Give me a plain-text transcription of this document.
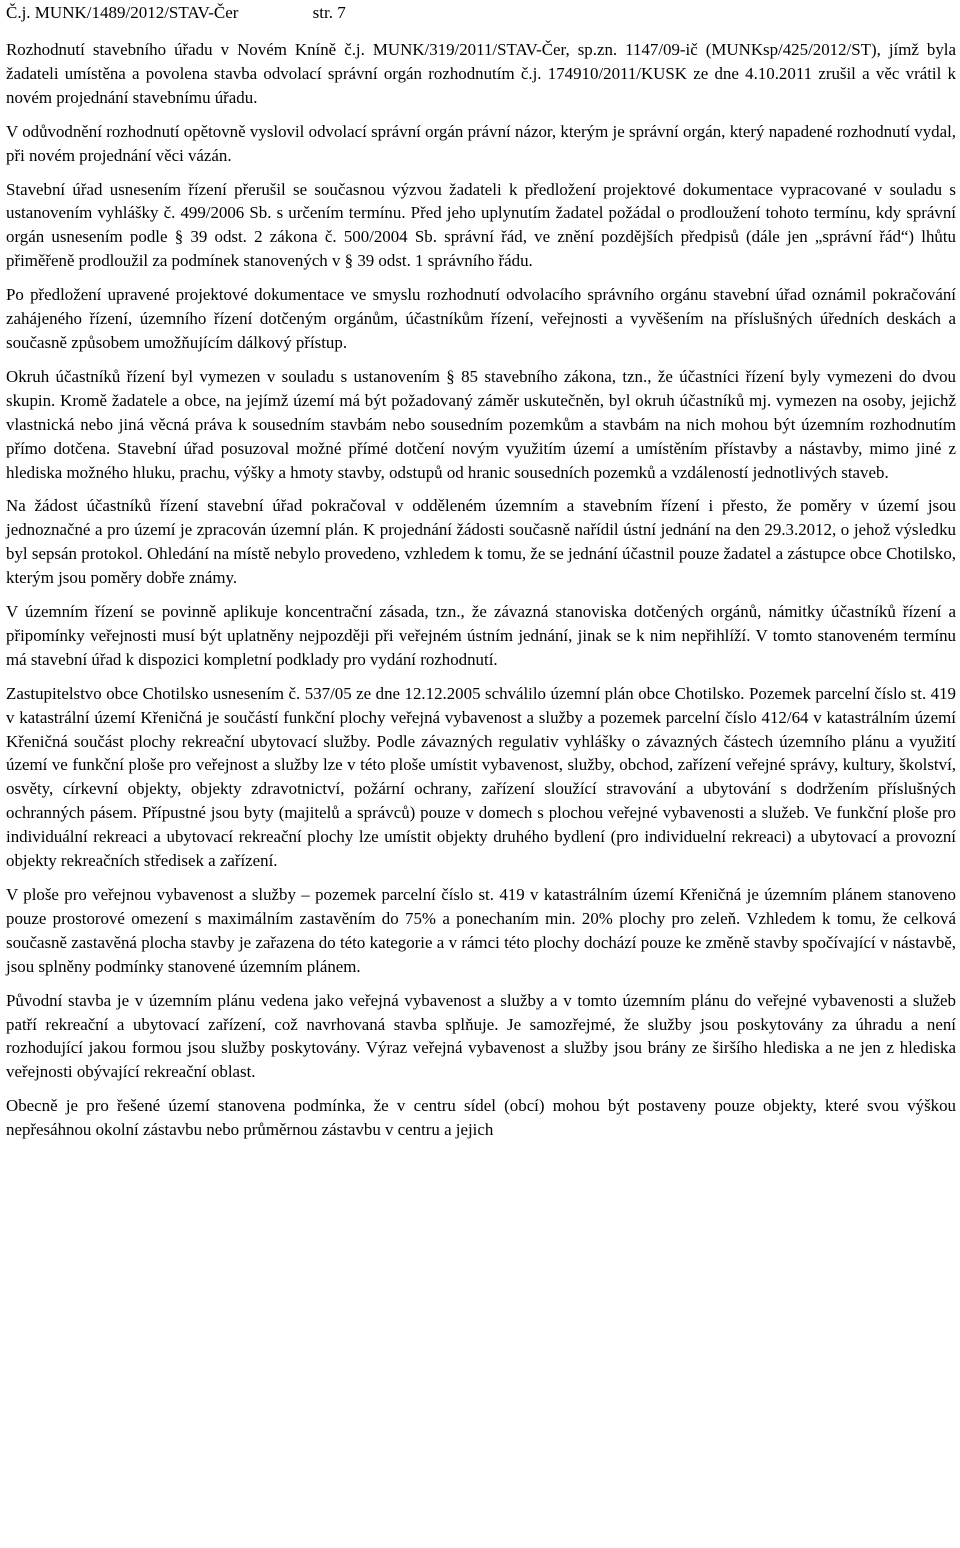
Č.j. MUNK/1489/2012/STAV-Čer	str. 7

Rozhodnutí stavebního úřadu v Novém Kníně č.j. MUNK/319/2011/STAV-Čer, sp.zn. 1147/09-ič (MUNKsp/425/2012/ST), jímž byla žadateli umístěna a povolena stavba odvolací správní orgán rozhodnutím č.j. 174910/2011/KUSK ze dne 4.10.2011 zrušil a věc vrátil k novém projednání stavebnímu úřadu.

V odůvodnění rozhodnutí opětovně vyslovil odvolací správní orgán právní názor, kterým je správní orgán, který napadené rozhodnutí vydal, při novém projednání věci vázán.

Stavební úřad usnesením řízení přerušil se současnou výzvou žadateli k předložení projektové dokumentace vypracované v souladu s ustanovením vyhlášky č. 499/2006 Sb. s určením termínu. Před jeho uplynutím žadatel požádal o prodloužení tohoto termínu, kdy správní orgán usnesením podle § 39 odst. 2 zákona č. 500/2004 Sb. správní řád, ve znění pozdějších předpisů (dále jen „správní řád“) lhůtu přiměřeně prodloužil za podmínek stanovených v § 39 odst. 1 správního řádu.

Po předložení upravené projektové dokumentace ve smyslu rozhodnutí odvolacího správního orgánu stavební úřad oznámil pokračování zahájeného řízení, územního řízení dotčeným orgánům, účastníkům řízení, veřejnosti a vyvěšením na příslušných úředních deskách a současně způsobem umožňujícím dálkový přístup.

Okruh účastníků řízení byl vymezen v souladu s ustanovením § 85 stavebního zákona, tzn., že účastníci řízení byly vymezeni do dvou skupin. Kromě žadatele a obce, na jejímž území má být požadovaný záměr uskutečněn, byl okruh účastníků mj. vymezen na osoby, jejichž vlastnická nebo jiná věcná práva k sousedním stavbám nebo sousedním pozemkům a stavbám na nich mohou být územním rozhodnutím přímo dotčena. Stavební úřad posuzoval možné přímé dotčení novým využitím území a umístěním přístavby a nástavby, mimo jiné z hlediska možného hluku, prachu, výšky a hmoty stavby, odstupů od hranic sousedních pozemků a vzdáleností jednotlivých staveb.

Na žádost účastníků řízení stavební úřad pokračoval v odděleném územním a stavebním řízení i přesto, že poměry v území jsou jednoznačné a pro území je zpracován územní plán. K projednání žádosti současně nařídil ústní jednání na den 29.3.2012, o jehož výsledku byl sepsán protokol. Ohledání na místě nebylo provedeno, vzhledem k tomu, že se jednání účastnil pouze žadatel a zástupce obce Chotilsko, kterým jsou poměry dobře známy.

V územním řízení se povinně aplikuje koncentrační zásada, tzn., že závazná stanoviska dotčených orgánů, námitky účastníků řízení a připomínky veřejnosti musí být uplatněny nejpozději při veřejném ústním jednání, jinak se k nim nepřihlíží. V tomto stanoveném termínu má stavební úřad k dispozici kompletní podklady pro vydání rozhodnutí.

Zastupitelstvo obce Chotilsko usnesením č. 537/05 ze dne 12.12.2005 schválilo územní plán obce Chotilsko. Pozemek parcelní číslo st. 419 v katastrální území Křeničná je součástí funkční plochy veřejná vybavenost a služby a pozemek parcelní číslo 412/64 v katastrálním území Křeničná součást plochy rekreační ubytovací služby. Podle závazných regulativ vyhlášky o závazných částech územního plánu a využití území ve funkční ploše pro veřejnost a služby lze v této ploše umístit vybavenost, služby, obchod, zařízení veřejné správy, kultury, školství, osvěty, církevní objekty, objekty zdravotnictví, požární ochrany, zařízení sloužící stravování a ubytování s dodržením příslušných ochranných pásem. Přípustné jsou byty (majitelů a správců) pouze v domech s plochou veřejné vybavenosti a služeb. Ve funkční ploše pro individuální rekreaci a ubytovací rekreační plochy lze umístit objekty druhého bydlení (pro individuelní rekreaci) a ubytovací a provozní objekty rekreačních středisek a zařízení.

V ploše pro veřejnou vybavenost a služby – pozemek parcelní číslo st. 419 v katastrálním území Křeničná je územním plánem stanoveno pouze prostorové omezení s maximálním zastavěním do 75% a ponechaním min. 20% plochy pro zeleň. Vzhledem k tomu, že celková současně zastavěná plocha stavby je zařazena do této kategorie a v rámci této plochy dochází pouze ke změně stavby spočívající v nástavbě, jsou splněny podmínky stanovené územním plánem.

Původní stavba je v územním plánu vedena jako veřejná vybavenost a služby a v tomto územním plánu do veřejné vybavenosti a služeb patří rekreační a ubytovací zařízení, což navrhovaná stavba splňuje. Je samozřejmé, že služby jsou poskytovány za úhradu a není rozhodující jakou formou jsou služby poskytovány. Výraz veřejná vybavenost a služby jsou brány ze širšího hlediska a ne jen z hlediska veřejnosti obývající rekreační oblast.

Obecně je pro řešené území stanovena podmínka, že v centru sídel (obcí) mohou být postaveny pouze objekty, které svou výškou nepřesáhnou okolní zástavbu nebo průměrnou zástavbu v centru a jejich
